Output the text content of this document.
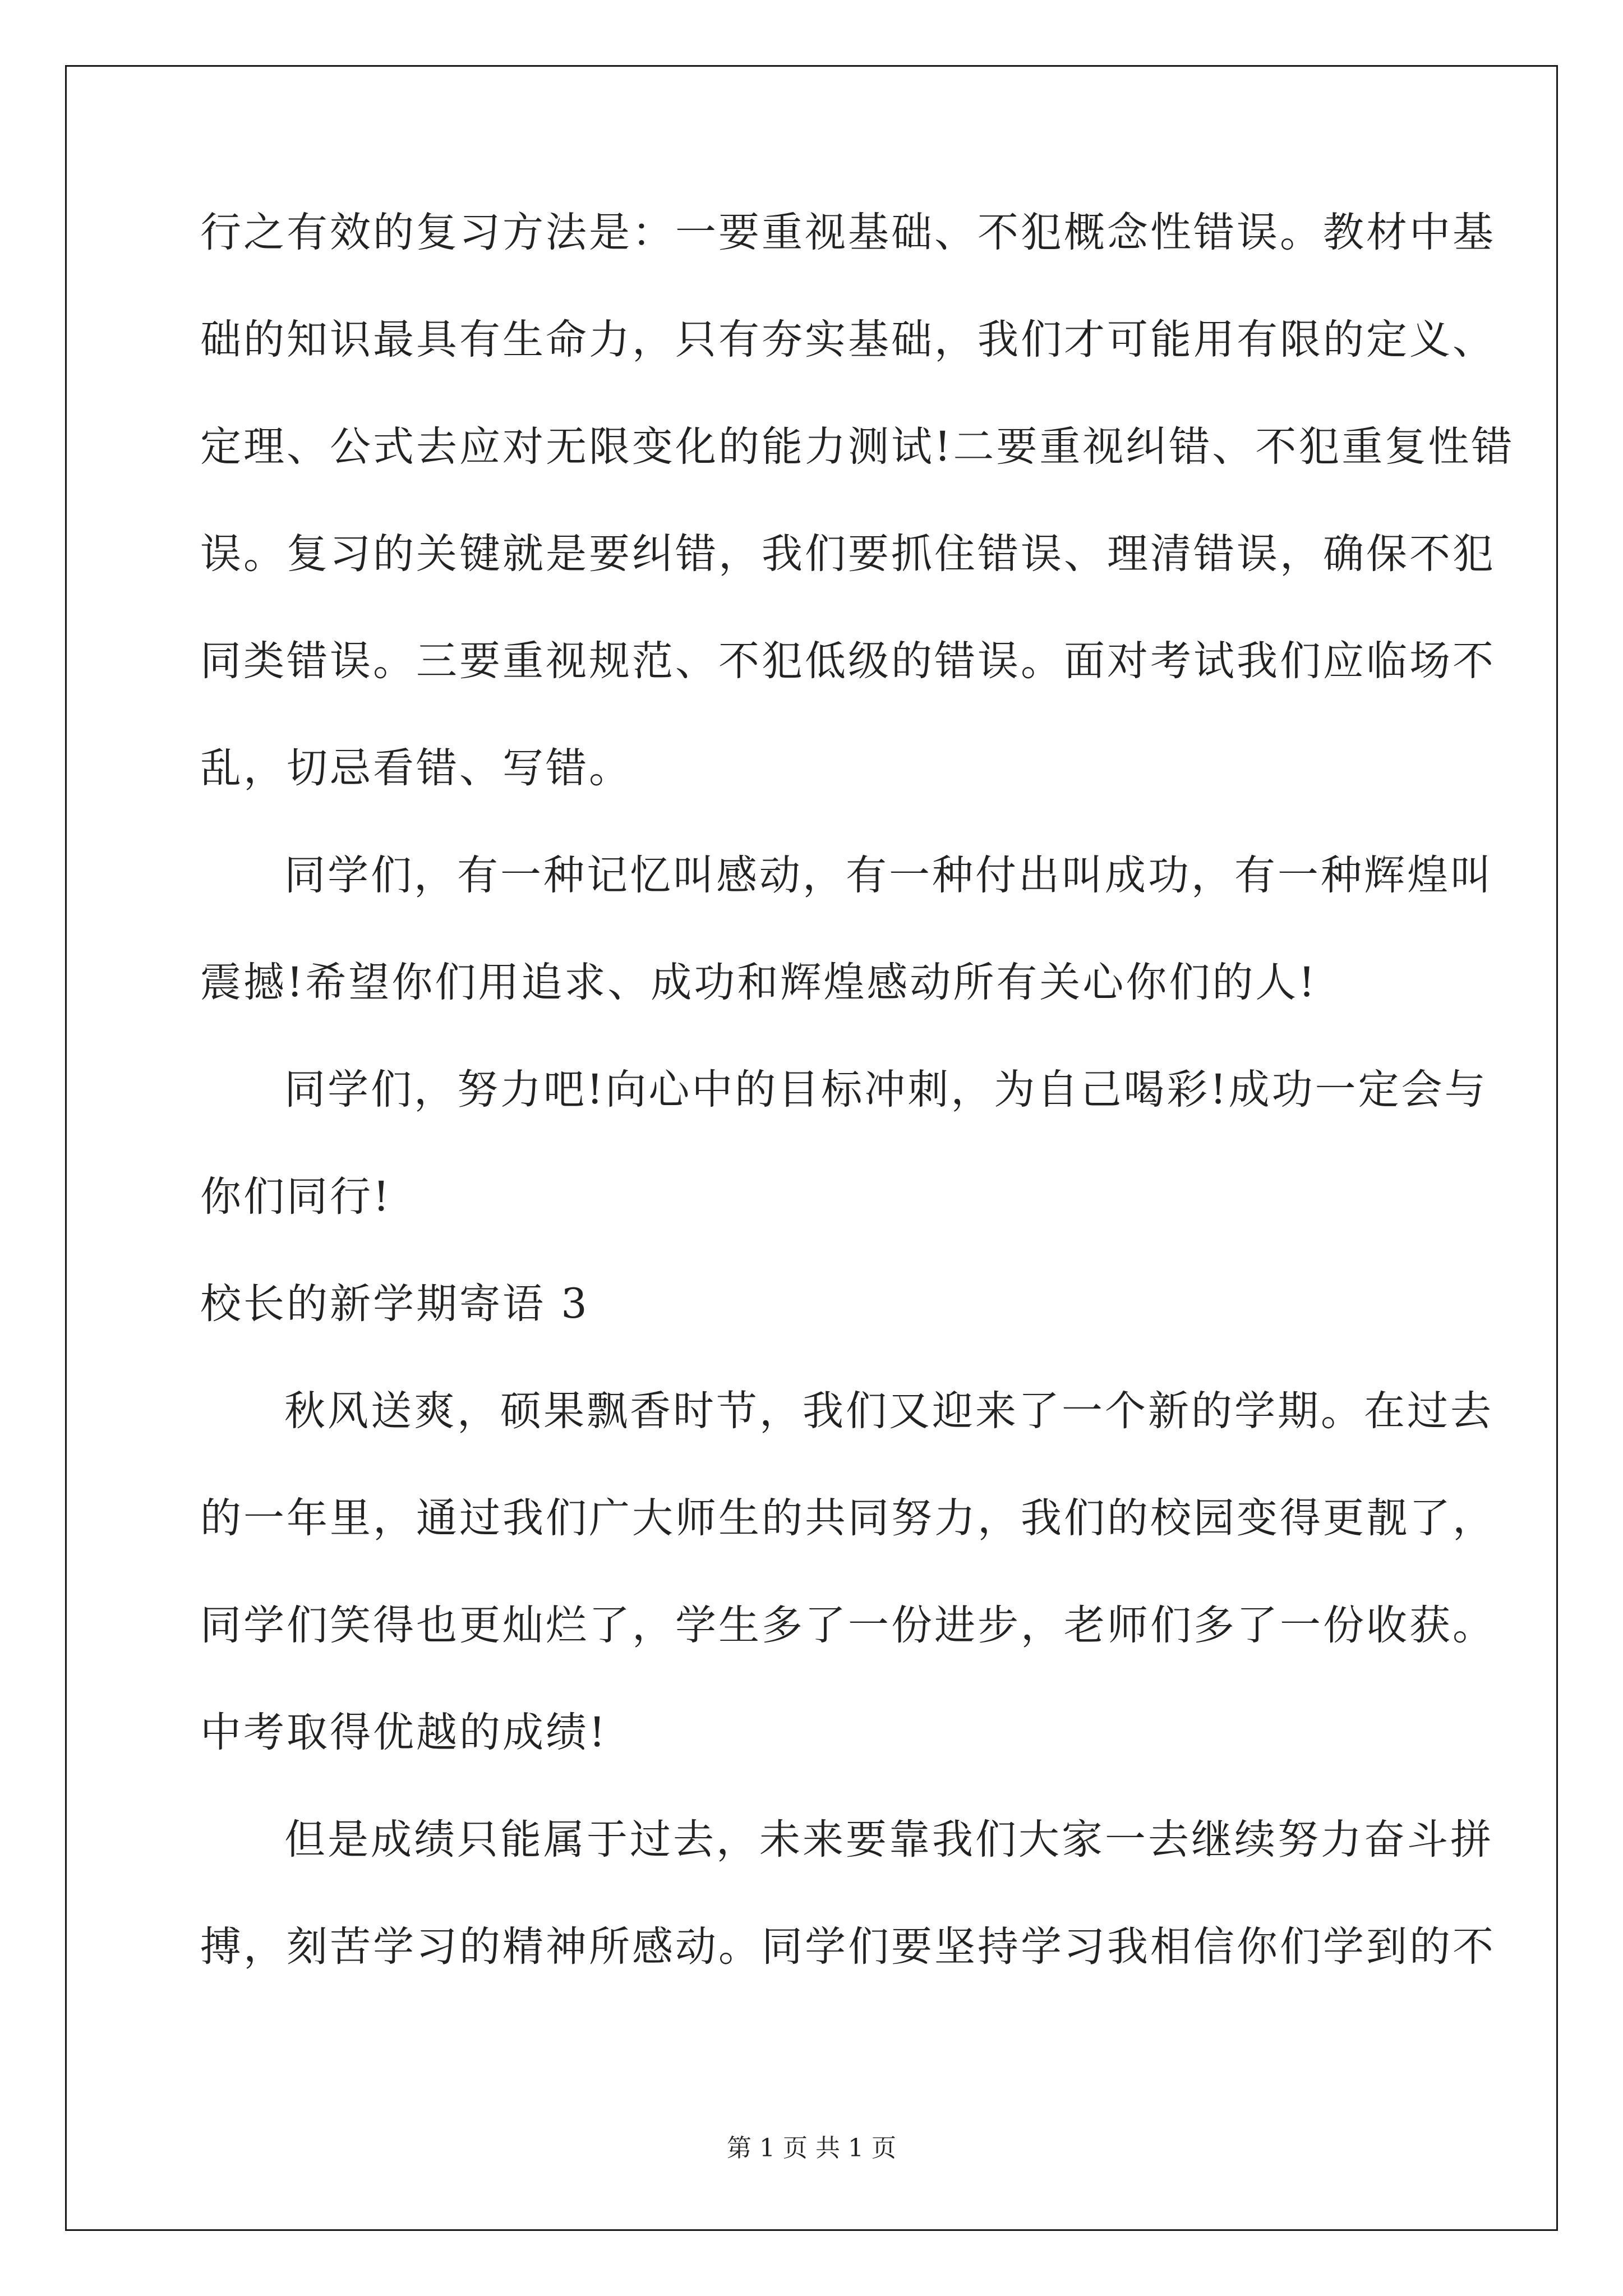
行之有效的复习方法是：一要重视基础、不犯概念性错误。教材中基
础的知识最具有生命力，只有夯实基础，我们才可能用有限的定义、
定理、公式去应对无限变化的能力测试!二要重视纠错、不犯重复性错
误。复习的关键就是要纠错，我们要抓住错误、理清错误，确保不犯
同类错误。三要重视规范、不犯低级的错误。面对考试我们应临场不
乱，切忌看错、写错。
同学们，有一种记忆叫感动，有一种付出叫成功，有一种辉煌叫
震撼!希望你们用追求、成功和辉煌感动所有关心你们的人!
同学们，努力吧!向心中的目标冲刺，为自己喝彩!成功一定会与
你们同行!
校长的新学期寄语 3
秋风送爽，硕果飘香时节，我们又迎来了一个新的学期。在过去
的一年里，通过我们广大师生的共同努力，我们的校园变得更靓了，
同学们笑得也更灿烂了，学生多了一份进步，老师们多了一份收获。
中考取得优越的成绩!
但是成绩只能属于过去，未来要靠我们大家一去继续努力奋斗拼
搏，刻苦学习的精神所感动。同学们要坚持学习我相信你们学到的不
第 1 页 共 1 页
